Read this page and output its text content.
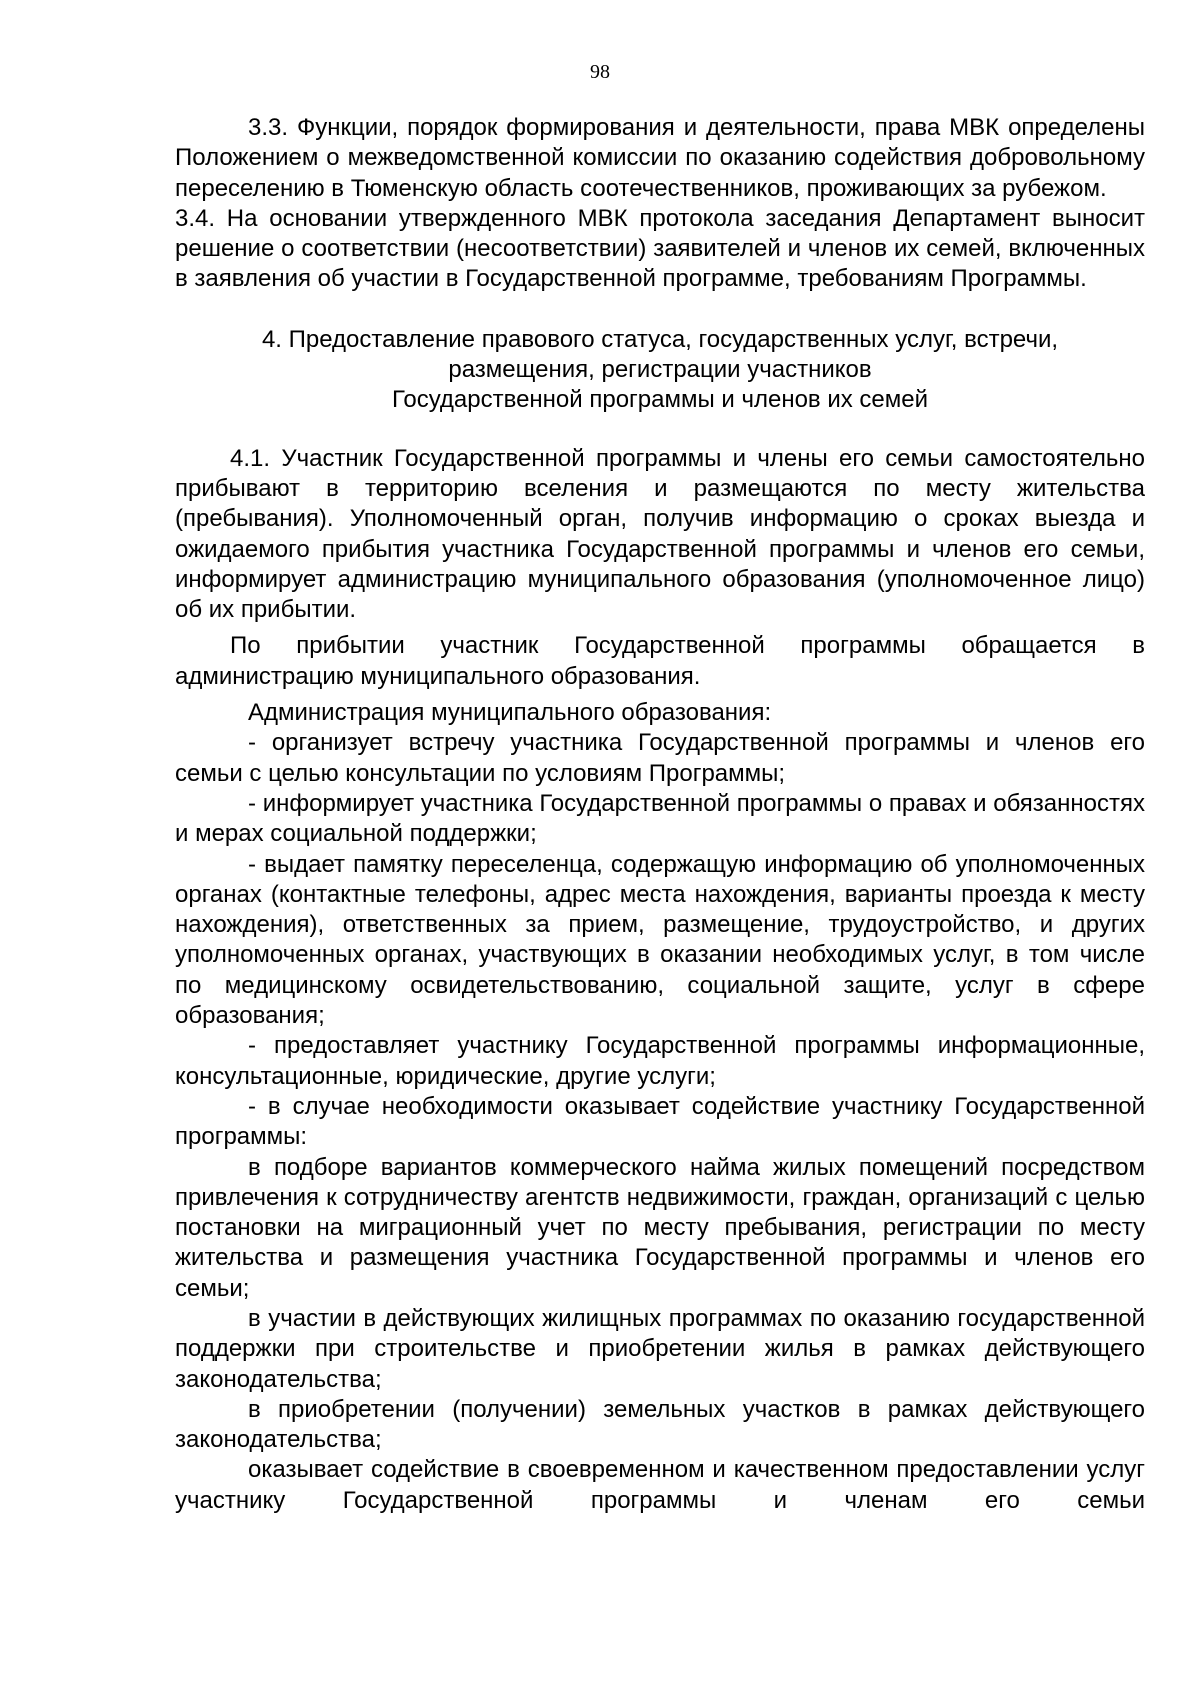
98

3.3. Функции, порядок формирования и деятельности, права МВК определены Положением о межведомственной комиссии по оказанию содействия добровольному переселению в Тюменскую область соотечественников, проживающих за рубежом.

3.4. На основании утвержденного МВК протокола заседания Департамент выносит решение о соответствии (несоответствии) заявителей и членов их семей, включенных в заявления об участии в Государственной программе, требованиям Программы.

4. Предоставление правового статуса, государственных услуг, встречи,

размещения, регистрации участников

Государственной программы и членов их семей

4.1. Участник Государственной программы и члены его семьи самостоятельно прибывают в территорию вселения и размещаются по месту жительства (пребывания). Уполномоченный орган, получив информацию о сроках выезда и ожидаемого прибытия участника Государственной программы и членов его семьи, информирует администрацию муниципального образования (уполномоченное лицо) об их прибытии.

По прибытии участник Государственной программы обращается в администрацию муниципального образования.

Администрация муниципального образования:

- организует встречу участника Государственной программы и членов его семьи с целью консультации по условиям Программы;

- информирует участника Государственной программы о правах и обязанностях и мерах социальной поддержки;

- выдает памятку переселенца, содержащую информацию об уполномоченных органах (контактные телефоны, адрес места нахождения, варианты проезда к месту нахождения), ответственных за прием, размещение, трудоустройство, и других уполномоченных органах, участвующих в оказании необходимых услуг, в том числе по медицинскому освидетельствованию, социальной защите, услуг в сфере образования;

- предоставляет участнику Государственной программы информационные, консультационные, юридические, другие услуги;

- в случае необходимости оказывает содействие участнику Государственной программы:

в подборе вариантов коммерческого найма жилых помещений посредством привлечения к сотрудничеству агентств недвижимости, граждан, организаций с целью постановки на миграционный учет по месту пребывания, регистрации по месту жительства и размещения участника Государственной программы и членов его семьи;

в участии в действующих жилищных программах по оказанию государственной поддержки при строительстве и приобретении жилья в рамках действующего законодательства;

в приобретении (получении) земельных участков в рамках действующего законодательства;

оказывает содействие в своевременном и качественном предоставлении услуг участнику Государственной программы и членам его семьи
